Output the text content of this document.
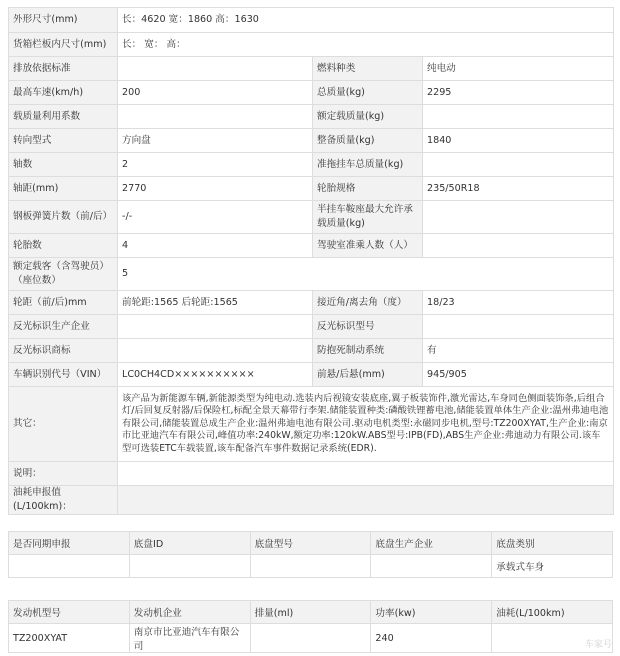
外形尺寸(mm)	长：4620 宽：1860 高：1630		
货箱栏板内尺寸(mm)	长： 宽： 高：		
排放依据标准		燃料种类	纯电动
最高车速(km/h)	200	总质量(kg)	2295
载质量利用系数		额定载质量(kg)	
转向型式	方向盘	整备质量(kg)	1840
轴数	2	准拖挂车总质量(kg)	
轴距(mm)	2770	轮胎规格	235/50R18
钢板弹簧片数（前/后）	-/-	半挂车鞍座最大允许承载质量(kg)	
轮胎数	4	驾驶室准乘人数（人）	
额定载客（含驾驶员）（座位数）	5		
轮距（前/后)mm	前轮距:1565 后轮距:1565	接近角/离去角（度）	18/23
反光标识生产企业		反光标识型号	
反光标识商标		防抱死制动系统	有
车辆识别代号（VIN）	LC0CH4CD××××××××××	前悬/后悬(mm)	945/905
其它：	该产品为新能源车辆,新能源类型为纯电动.选装内后视镜安装底座,翼子板装饰件,激光雷达,车身同色侧面装饰条,后组合灯/后回复反射器/后保险杠,标配全景天幕带行李架.储能装置种类:磷酸铁锂蓄电池,储能装置单体生产企业:温州弗迪电池有限公司,储能装置总成生产企业:温州弗迪电池有限公司.驱动电机类型:永磁同步电机,型号:TZ200XYAT,生产企业:南京市比亚迪汽车有限公司,峰值功率:240kW,额定功率:120kW.ABS型号:IPB(FD),ABS生产企业:弗迪动力有限公司.该车型可选装ETC车载装置,该车配备汽车事件数据记录系统(EDR).		
说明：			
油耗申报值(L/100km)：			
是否同期申报	底盘ID	底盘型号	底盘生产企业	底盘类别
				承载式车身
发动机型号	发动机企业	排量(ml)	功率(kw)	油耗(L/100km)
TZ200XYAT	南京市比亚迪汽车有限公司		240	
车家号
